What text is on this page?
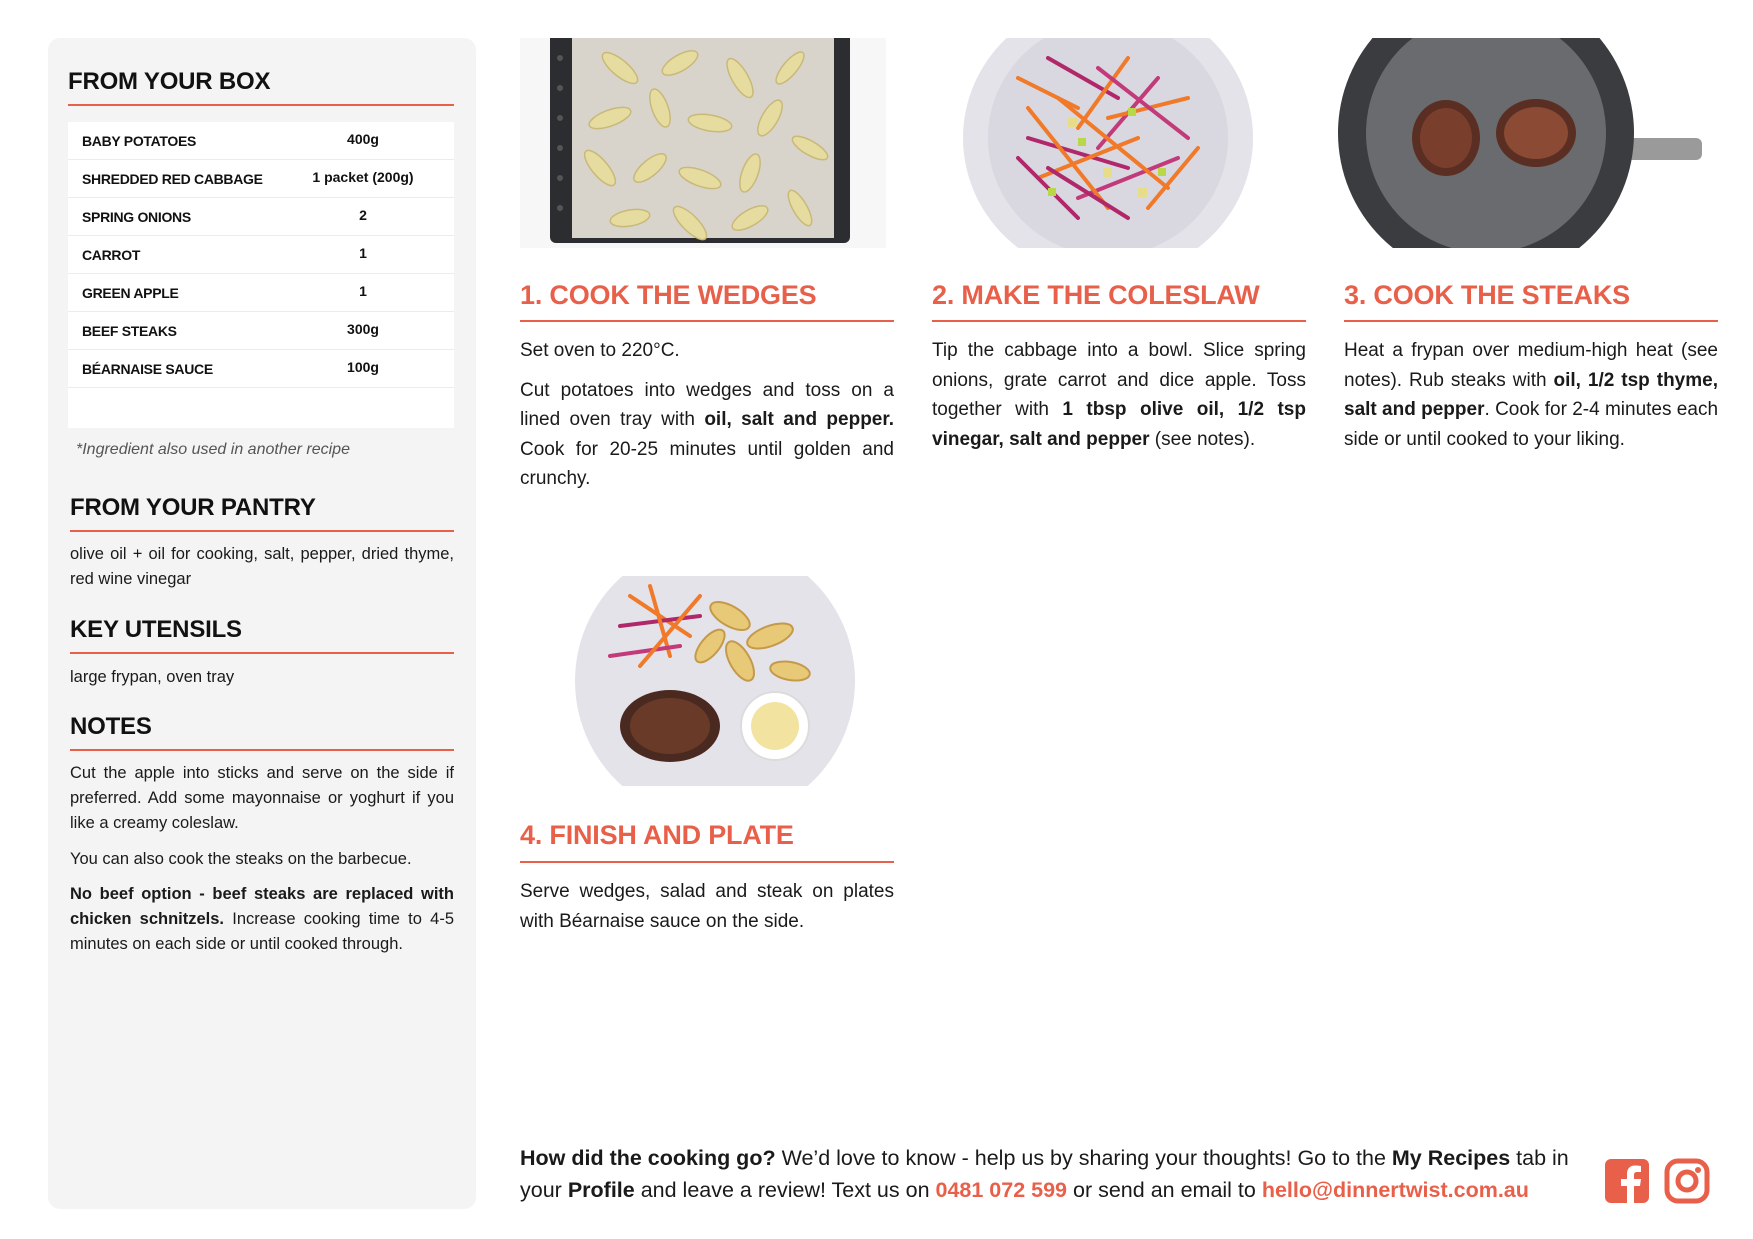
FROM YOUR BOX
BABY POTATOES	400g
SHREDDED RED CABBAGE	1 packet (200g)
SPRING ONIONS	2
CARROT	1
GREEN APPLE	1
BEEF STEAKS	300g
BÉARNAISE SAUCE	100g
*Ingredient also used in another recipe
FROM YOUR PANTRY
olive oil + oil for cooking, salt, pepper, dried thyme, red wine vinegar
KEY UTENSILS
large frypan, oven tray
NOTES
Cut the apple into sticks and serve on the side if preferred. Add some mayonnaise or yoghurt if you like a creamy coleslaw.
You can also cook the steaks on the barbecue.
No beef option - beef steaks are replaced with chicken schnitzels. Increase cooking time to 4-5 minutes on each side or until cooked through.
1. COOK THE WEDGES

Set oven to 220°C.

Cut potatoes into wedges and toss on a lined oven tray with oil, salt and pepper. Cook for 20-25 minutes until golden and crunchy.

2. MAKE THE COLESLAW

Tip the cabbage into a bowl. Slice spring onions, grate carrot and dice apple. Toss together with 1 tbsp olive oil, 1/2 tsp vinegar, salt and pepper (see notes).

3. COOK THE STEAKS

Heat a frypan over medium-high heat (see notes). Rub steaks with oil, 1/2 tsp thyme, salt and pepper. Cook for 2-4 minutes each side or until cooked to your liking.

4. FINISH AND PLATE

Serve wedges, salad and steak on plates with Béarnaise sauce on the side.

How did the cooking go? We’d love to know - help us by sharing your thoughts! Go to the My Recipes tab in your Profile and leave a review! Text us on 0481 072 599 or send an email to hello@dinnertwist.com.au
